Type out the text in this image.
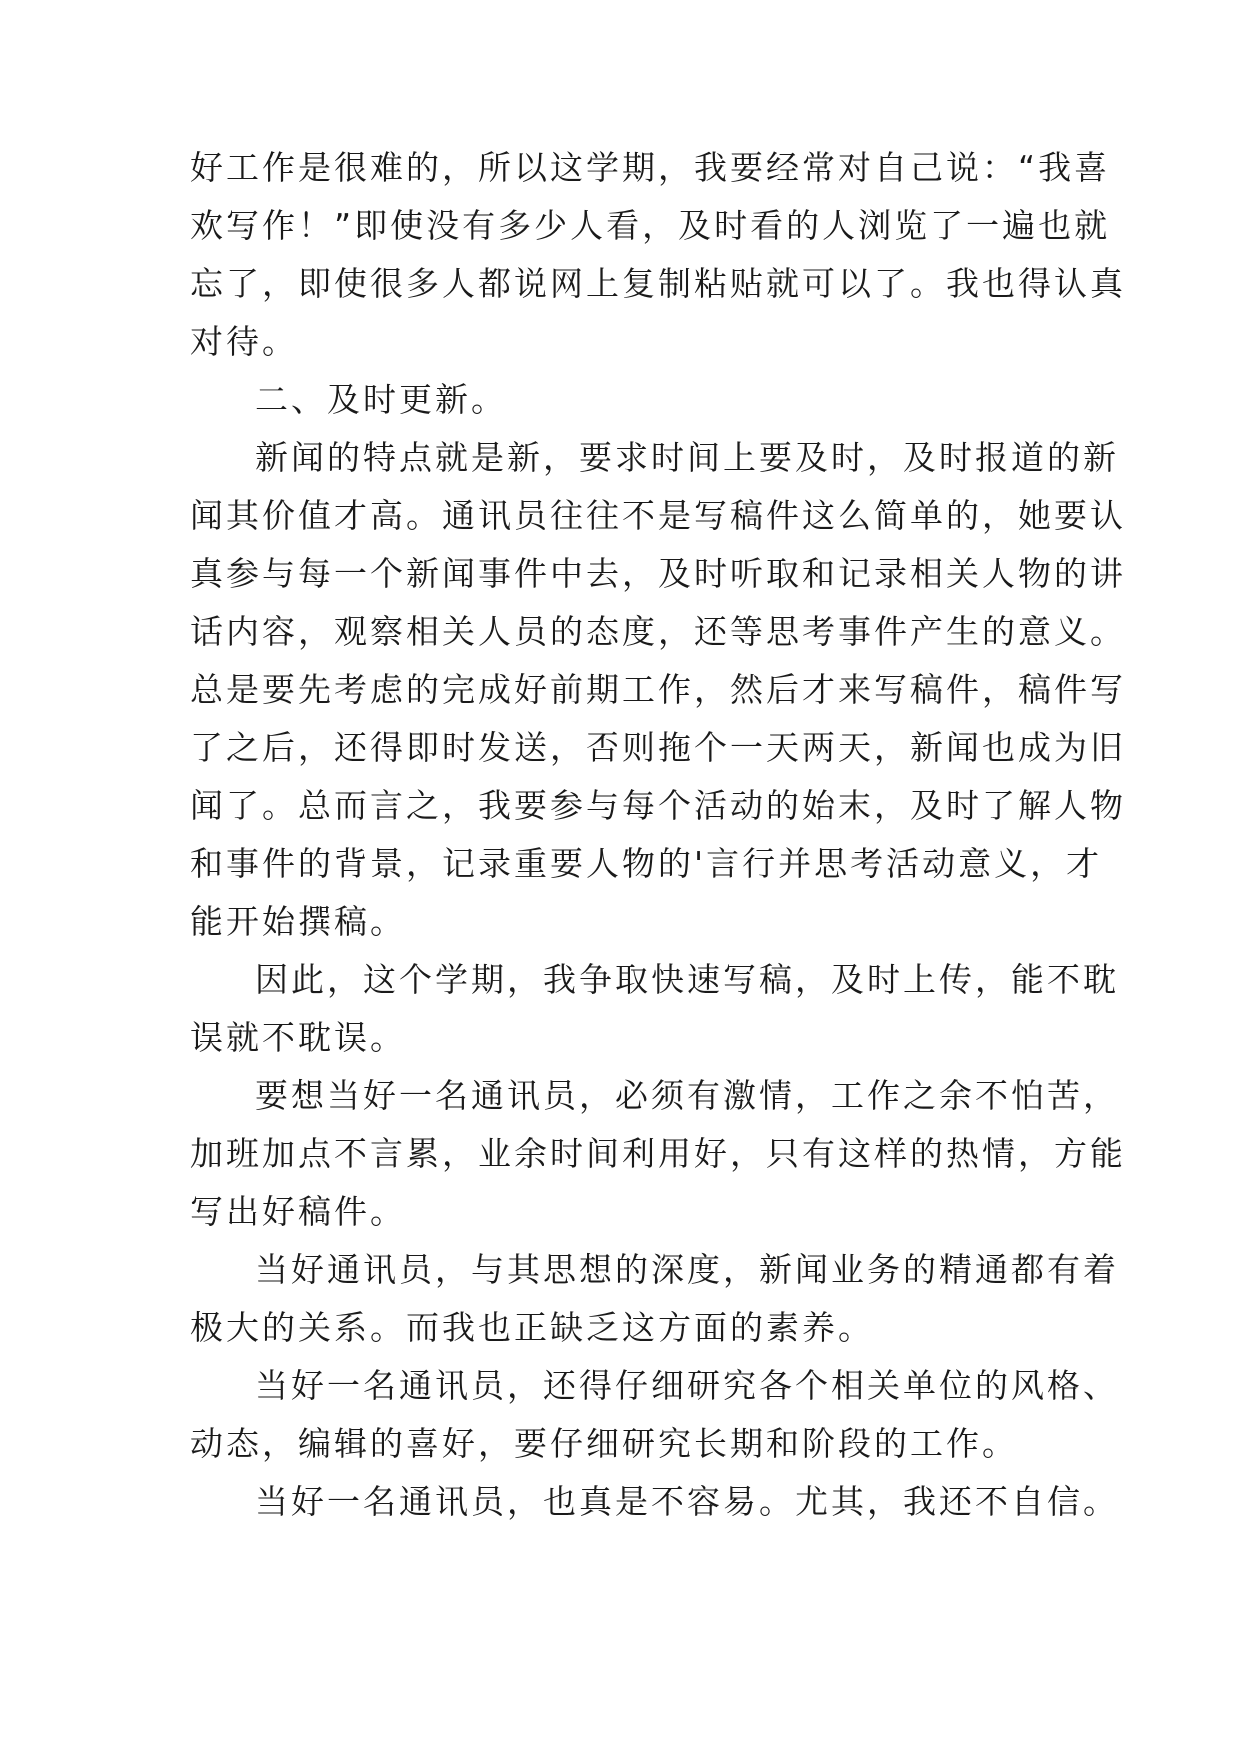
好工作是很难的，所以这学期，我要经常对自己说：“我喜
欢写作！”即使没有多少人看，及时看的人浏览了一遍也就
忘了，即使很多人都说网上复制粘贴就可以了。我也得认真
对待。
二、及时更新。
新闻的特点就是新，要求时间上要及时，及时报道的新
闻其价值才高。通讯员往往不是写稿件这么简单的，她要认
真参与每一个新闻事件中去，及时听取和记录相关人物的讲
话内容，观察相关人员的态度，还等思考事件产生的意义。
总是要先考虑的完成好前期工作，然后才来写稿件，稿件写
了之后，还得即时发送，否则拖个一天两天，新闻也成为旧
闻了。总而言之，我要参与每个活动的始末，及时了解人物
和事件的背景，记录重要人物的'言行并思考活动意义，才
能开始撰稿。
因此，这个学期，我争取快速写稿，及时上传，能不耽
误就不耽误。
要想当好一名通讯员，必须有激情，工作之余不怕苦，
加班加点不言累，业余时间利用好，只有这样的热情，方能
写出好稿件。
当好通讯员，与其思想的深度，新闻业务的精通都有着
极大的关系。而我也正缺乏这方面的素养。
当好一名通讯员，还得仔细研究各个相关单位的风格、
动态，编辑的喜好，要仔细研究长期和阶段的工作。
当好一名通讯员，也真是不容易。尤其，我还不自信。
